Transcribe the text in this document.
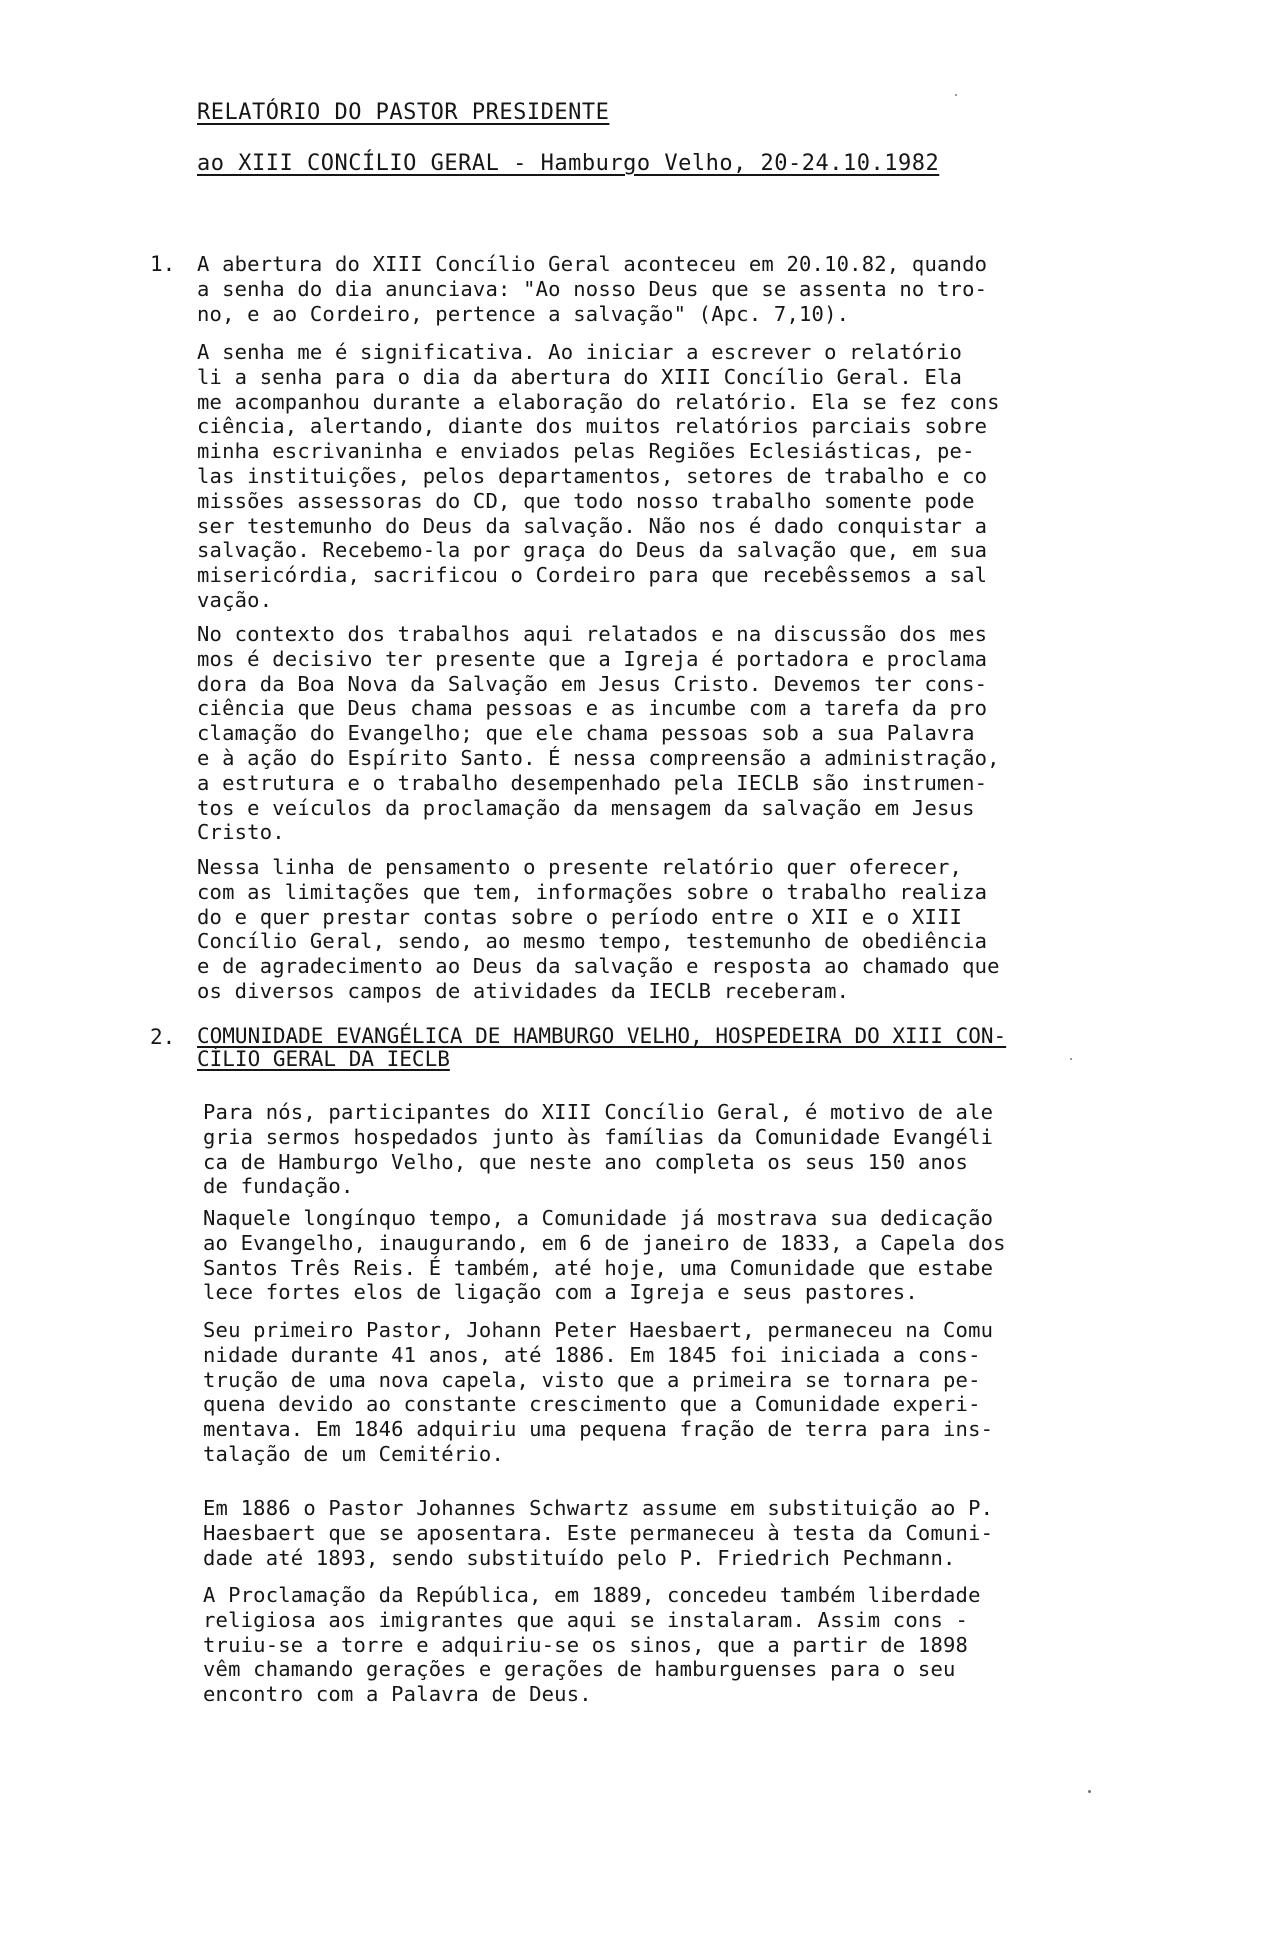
RELATÓRIO DO PASTOR PRESIDENTE
ao XIII CONCÍLIO GERAL - Hamburgo Velho, 20-24.10.1982
1. A abertura do XIII Concílio Geral aconteceu em 20.10.82, quando
a senha do dia anunciava: "Ao nosso Deus que se assenta no tro-
no, e ao Cordeiro, pertence a salvação" (Apc. 7,10).
A senha me é significativa. Ao iniciar a escrever o relatório
li a senha para o dia da abertura do XIII Concílio Geral. Ela
me acompanhou durante a elaboração do relatório. Ela se fez cons
ciência, alertando, diante dos muitos relatórios parciais sobre
minha escrivaninha e enviados pelas Regiões Eclesiásticas, pe-
las instituições, pelos departamentos, setores de trabalho e co
missões assessoras do CD, que todo nosso trabalho somente pode
ser testemunho do Deus da salvação. Não nos é dado conquistar a
salvação. Recebemo-la por graça do Deus da salvação que, em sua
misericórdia, sacrificou o Cordeiro para que recebêssemos a sal
vação.
No contexto dos trabalhos aqui relatados e na discussão dos mes
mos é decisivo ter presente que a Igreja é portadora e proclama
dora da Boa Nova da Salvação em Jesus Cristo. Devemos ter cons-
ciência que Deus chama pessoas e as incumbe com a tarefa da pro
clamação do Evangelho; que ele chama pessoas sob a sua Palavra
e à ação do Espírito Santo. É nessa compreensão a administração,
a estrutura e o trabalho desempenhado pela IECLB são instrumen-
tos e veículos da proclamação da mensagem da salvação em Jesus
Cristo.
Nessa linha de pensamento o presente relatório quer oferecer,
com as limitações que tem, informações sobre o trabalho realiza
do e quer prestar contas sobre o período entre o XII e o XIII
Concílio Geral, sendo, ao mesmo tempo, testemunho de obediência
e de agradecimento ao Deus da salvação e resposta ao chamado que
os diversos campos de atividades da IECLB receberam.
2. COMUNIDADE EVANGÉLICA DE HAMBURGO VELHO, HOSPEDEIRA DO XIII CON-
CÍLIO GERAL DA IECLB
Para nós, participantes do XIII Concílio Geral, é motivo de ale
gria sermos hospedados junto às famílias da Comunidade Evangéli
ca de Hamburgo Velho, que neste ano completa os seus 150 anos
de fundação.
Naquele longínquo tempo, a Comunidade já mostrava sua dedicação
ao Evangelho, inaugurando, em 6 de janeiro de 1833, a Capela dos
Santos Três Reis. É também, até hoje, uma Comunidade que estabe
lece fortes elos de ligação com a Igreja e seus pastores.
Seu primeiro Pastor, Johann Peter Haesbaert, permaneceu na Comu
nidade durante 41 anos, até 1886. Em 1845 foi iniciada a cons-
trução de uma nova capela, visto que a primeira se tornara pe-
quena devido ao constante crescimento que a Comunidade experi-
mentava. Em 1846 adquiriu uma pequena fração de terra para ins-
talação de um Cemitério.
Em 1886 o Pastor Johannes Schwartz assume em substituição ao P.
Haesbaert que se aposentara. Este permaneceu à testa da Comuni-
dade até 1893, sendo substituído pelo P. Friedrich Pechmann.
A Proclamação da República, em 1889, concedeu também liberdade
religiosa aos imigrantes que aqui se instalaram. Assim cons -
truiu-se a torre e adquiriu-se os sinos, que a partir de 1898
vêm chamando gerações e gerações de hamburguenses para o seu
encontro com a Palavra de Deus.
